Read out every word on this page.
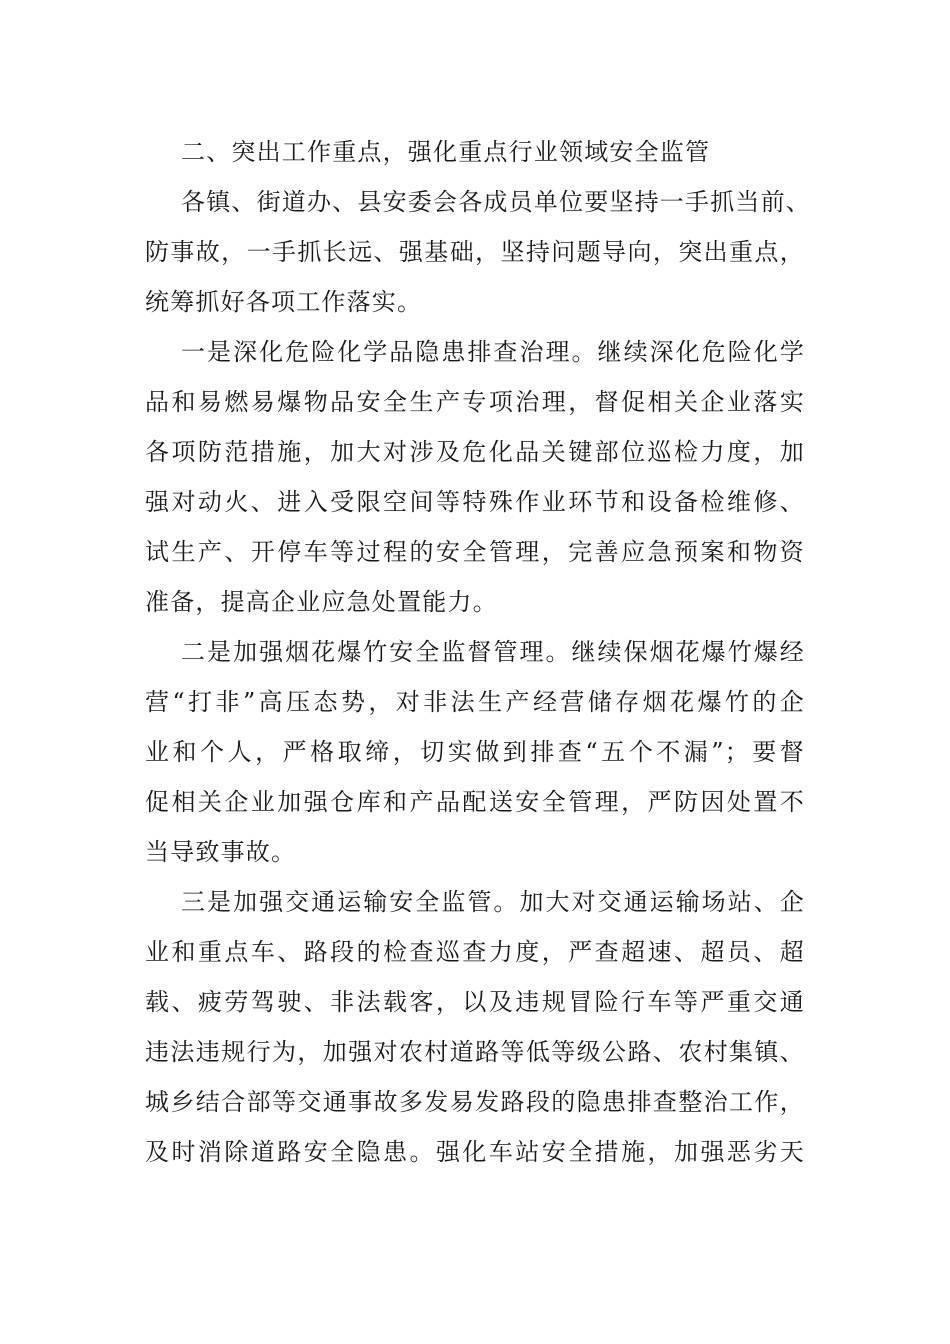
二、突出工作重点，强化重点行业领域安全监管
各镇、街道办、县安委会各成员单位要坚持一手抓当前、
防事故，一手抓长远、强基础，坚持问题导向，突出重点，
统筹抓好各项工作落实。
一是深化危险化学品隐患排查治理。继续深化危险化学
品和易燃易爆物品安全生产专项治理，督促相关企业落实
各项防范措施，加大对涉及危化品关键部位巡检力度，加
强对动火、进入受限空间等特殊作业环节和设备检维修、
试生产、开停车等过程的安全管理，完善应急预案和物资
准备，提高企业应急处置能力。
二是加强烟花爆竹安全监督管理。继续保烟花爆竹爆经
营“打非”高压态势，对非法生产经营储存烟花爆竹的企
业和个人，严格取缔，切实做到排查“五个不漏”；要督
促相关企业加强仓库和产品配送安全管理，严防因处置不
当导致事故。
三是加强交通运输安全监管。加大对交通运输场站、企
业和重点车、路段的检查巡查力度，严查超速、超员、超
载、疲劳驾驶、非法载客，以及违规冒险行车等严重交通
违法违规行为，加强对农村道路等低等级公路、农村集镇、
城乡结合部等交通事故多发易发路段的隐患排查整治工作，
及时消除道路安全隐患。强化车站安全措施，加强恶劣天
